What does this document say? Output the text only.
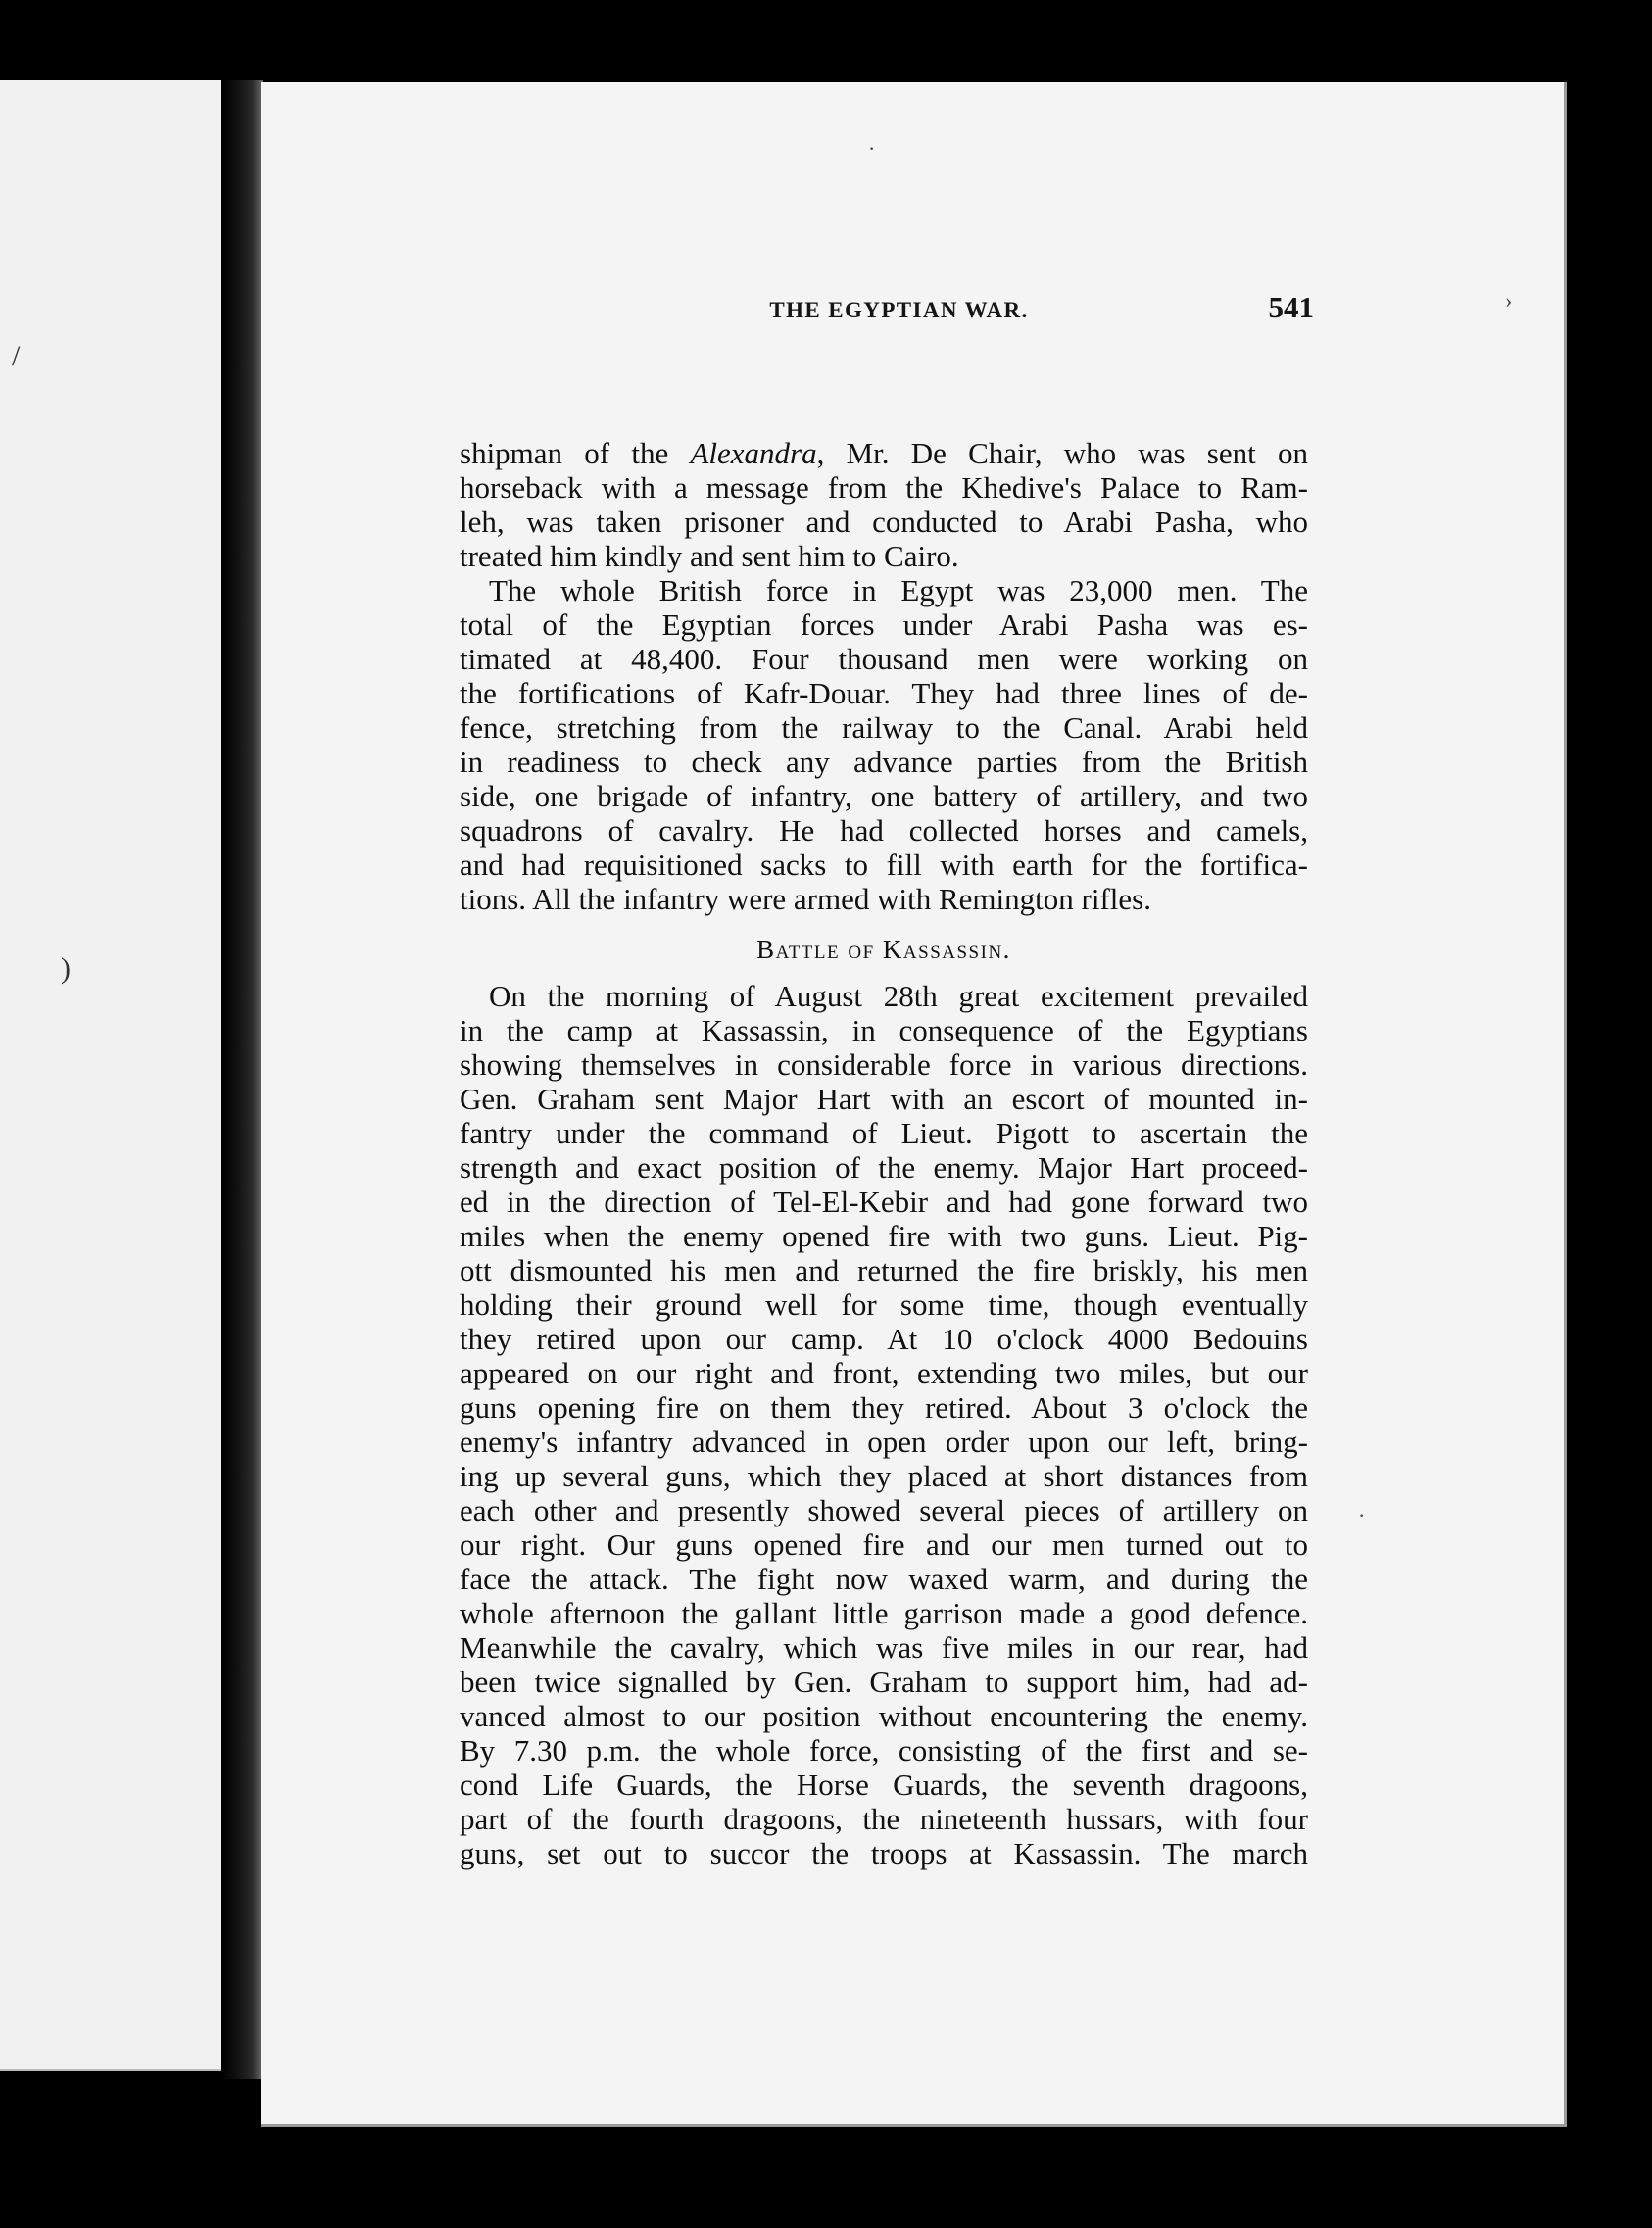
/
)
·
›
·
THE EGYPTIAN WAR.	541
shipman of the Alexandra, Mr. De Chair, who was sent on
horseback with a message from the Khedive's Palace to Ram-
leh, was taken prisoner and conducted to Arabi Pasha, who
treated him kindly and sent him to Cairo.
The whole British force in Egypt was 23,000 men. The
total of the Egyptian forces under Arabi Pasha was es-
timated at 48,400. Four thousand men were working on
the fortifications of Kafr-Douar. They had three lines of de-
fence, stretching from the railway to the Canal. Arabi held
in readiness to check any advance parties from the British
side, one brigade of infantry, one battery of artillery, and two
squadrons of cavalry. He had collected horses and camels,
and had requisitioned sacks to fill with earth for the fortifica-
tions. All the infantry were armed with Remington rifles.
Battle of Kassassin.
On the morning of August 28th great excitement prevailed
in the camp at Kassassin, in consequence of the Egyptians
showing themselves in considerable force in various directions.
Gen. Graham sent Major Hart with an escort of mounted in-
fantry under the command of Lieut. Pigott to ascertain the
strength and exact position of the enemy. Major Hart proceed-
ed in the direction of Tel-El-Kebir and had gone forward two
miles when the enemy opened fire with two guns. Lieut. Pig-
ott dismounted his men and returned the fire briskly, his men
holding their ground well for some time, though eventually
they retired upon our camp. At 10 o'clock 4000 Bedouins
appeared on our right and front, extending two miles, but our
guns opening fire on them they retired. About 3 o'clock the
enemy's infantry advanced in open order upon our left, bring-
ing up several guns, which they placed at short distances from
each other and presently showed several pieces of artillery on
our right. Our guns opened fire and our men turned out to
face the attack. The fight now waxed warm, and during the
whole afternoon the gallant little garrison made a good defence.
Meanwhile the cavalry, which was five miles in our rear, had
been twice signalled by Gen. Graham to support him, had ad-
vanced almost to our position without encountering the enemy.
By 7.30 p.m. the whole force, consisting of the first and se-
cond Life Guards, the Horse Guards, the seventh dragoons,
part of the fourth dragoons, the nineteenth hussars, with four
guns, set out to succor the troops at Kassassin. The march
